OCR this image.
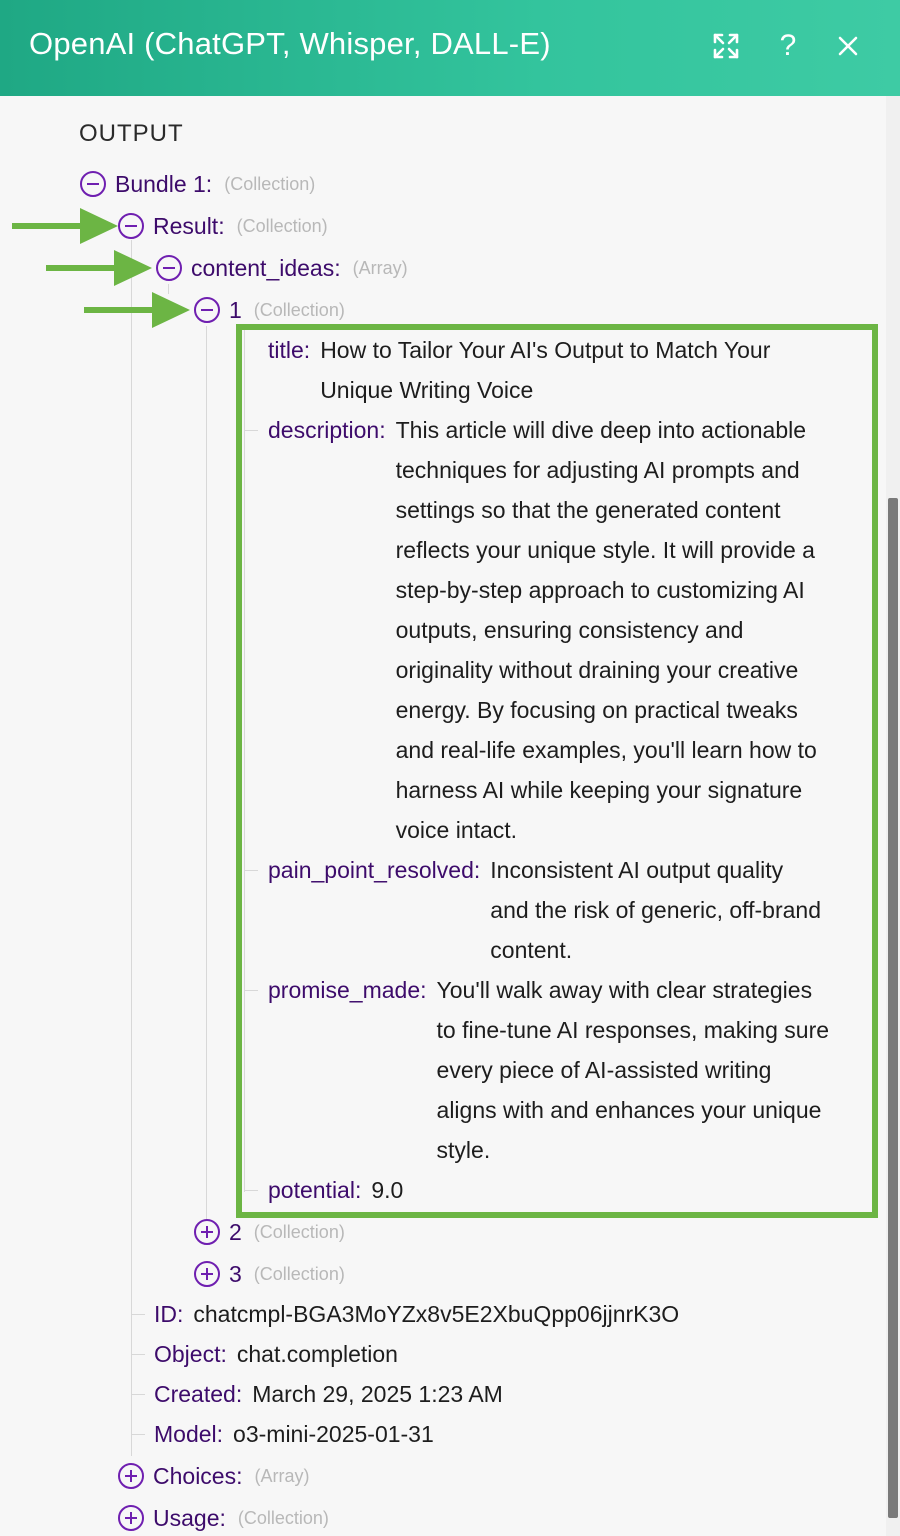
OpenAI (ChatGPT, Whisper, DALL-E)	?
OUTPUT
Bundle 1: (Collection)
Result: (Collection)
content_ideas: (Array)
1 (Collection)
title: How to Tailor Your AI's Output to Match Your
Unique Writing Voice
description: This article will dive deep into actionable
techniques for adjusting AI prompts and
settings so that the generated content
reflects your unique style. It will provide a
step-by-step approach to customizing AI
outputs, ensuring consistency and
originality without draining your creative
energy. By focusing on practical tweaks
and real-life examples, you'll learn how to
harness AI while keeping your signature
voice intact.
pain_point_resolved: Inconsistent AI output quality
and the risk of generic, off-brand
content.
promise_made: You'll walk away with clear strategies
to fine-tune AI responses, making sure
every piece of AI-assisted writing
aligns with and enhances your unique
style.
potential: 9.0
2 (Collection)
3 (Collection)
ID: chatcmpl-BGA3MoYZx8v5E2XbuQpp06jjnrK3O
Object: chat.completion
Created: March 29, 2025 1:23 AM
Model: o3-mini-2025-01-31
Choices: (Array)
Usage: (Collection)
